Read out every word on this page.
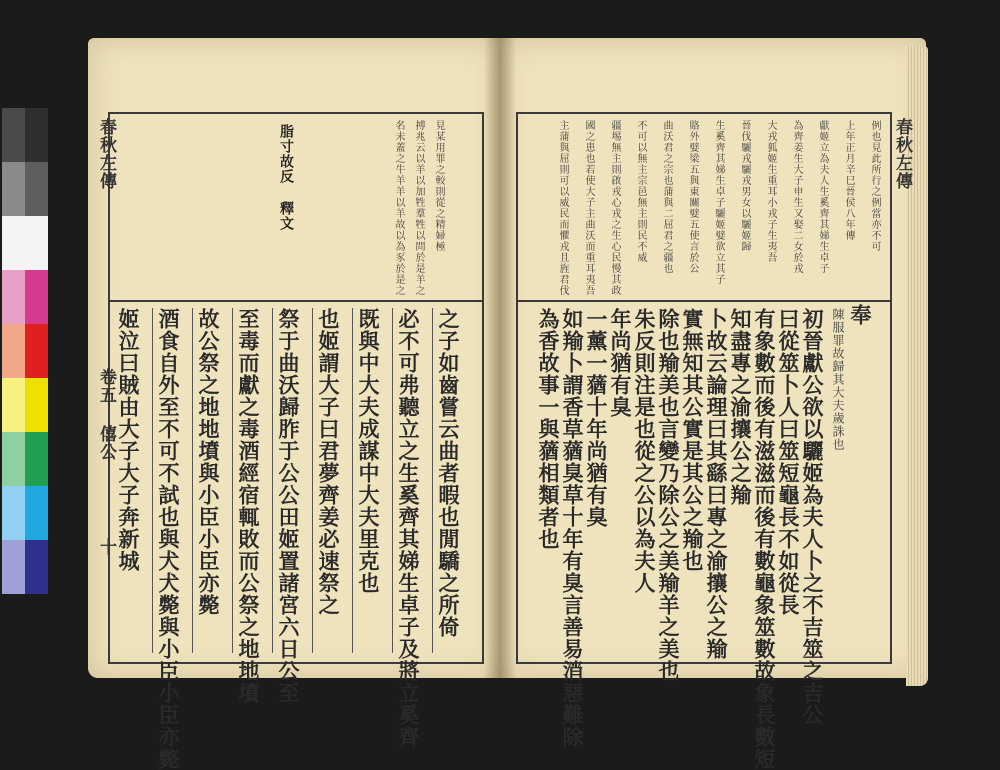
春秋左傳
卷五 僖公
十
名未蓋之牛羊羊以羊故以為豕於是之 搏兆云以羊以加牲羣牲以問於是羊之 見某用罪之較則從之精婦極
脂寸故反 釋文	春秋左傳
奉
陳服罪故歸其大夫歲誅也
姬泣曰賊由大子大子奔新城 酒食自外至不可不試也與犬犬斃與小臣小臣亦斃 故公祭之地地墳與小臣小臣亦斃 至毒而獻之毒酒經宿輒敗而公祭之地地墳 祭于曲沃歸胙于公公田姬置諸宮六日公至 也姬謂大子曰君夢齊姜必速祭之 既與中大夫成謀中大夫里克也 必不可弗聽立之生奚齊其娣生卓子及將立奚齊 之子如齒嘗云曲者暇也閒驕之所倚
例也見此所行之例當亦不可
上年正月辛巳晉侯八年傳
獻姬立為夫人生奚齊其娣生卓子
為齊姜生大子申生又娶二女於戎
大戎狐姬生重耳小戎子生夷吾
晉伐驪戎驪戎男女以驪姬歸
生奚齊其娣生卓子驪姬嬖欲立其子
賂外嬖梁五與東關嬖五使言於公
曲沃君之宗也蒲與二屈君之疆也
不可以無主宗邑無主則民不威
疆埸無主則啟戎心戎之生心民慢其政
國之患也若使大子主曲沃而重耳夷吾
主蒲與屈則可以威民而懼戎且旌君伐
初晉獻公欲以驪姬為夫人卜之不吉筮之吉公
曰從筮卜人曰筮短龜長不如從長
有象數而後有滋滋而後有數龜象筮數故象長數短
知盡專之渝攘公之羭
卜故云論理曰其繇曰專之渝攘公之羭
實無知其公實是其公之羭也
除也羭美也言變乃除公之美羭羊之美也
朱反則注是也從之公以為夫人
年尚猶有臭
一薰一蕕十年尚猶有臭
如羭卜謂香草蕕臭草十年有臭言善易消惡難除
為香故事一與蕕相類者也
